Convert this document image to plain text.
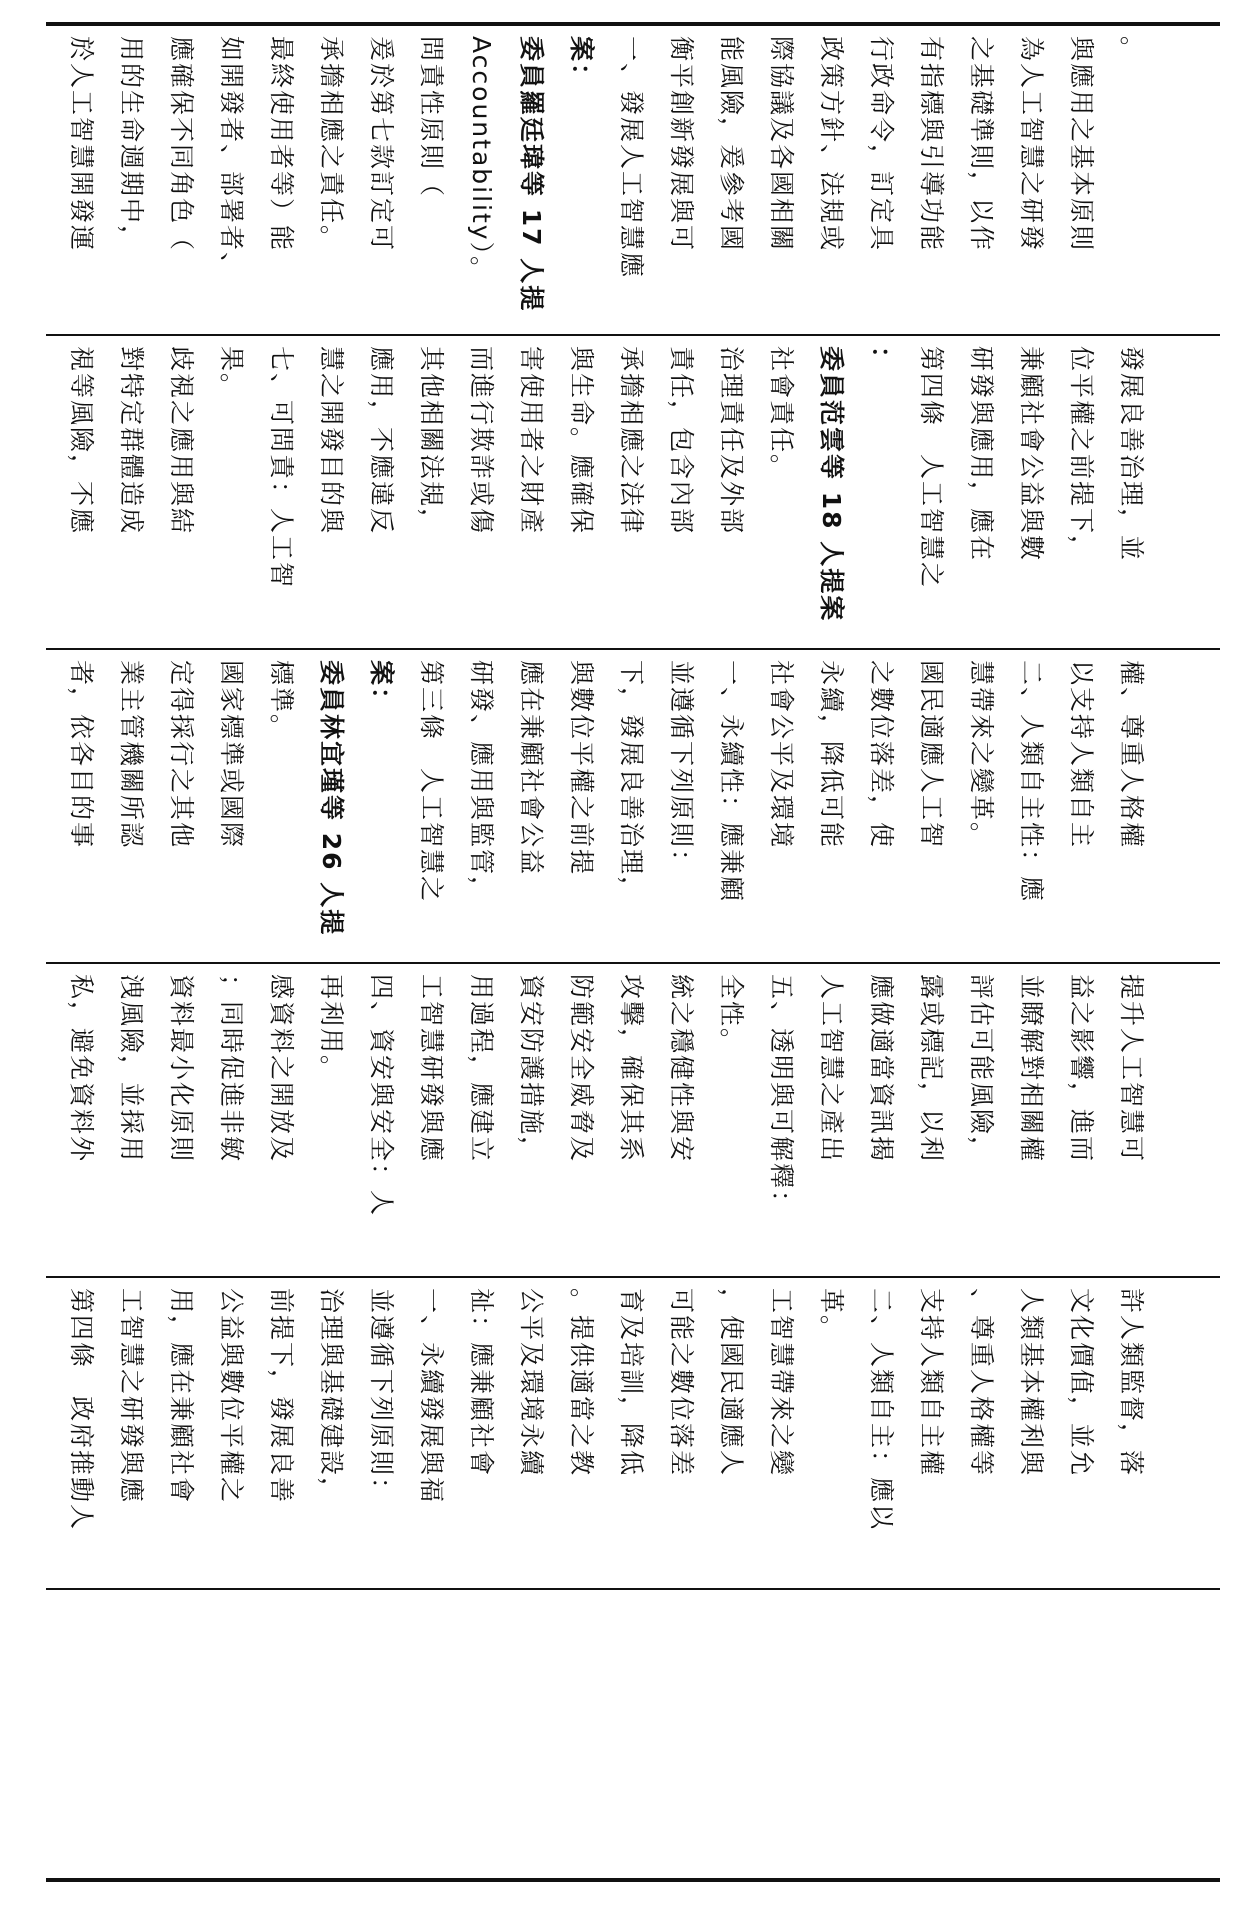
於人工智慧開發運 用的生命週期中， 應確保不同角色（ 如開發者、部署者、 最終使用者等）能 承擔相應之責任。 爰於第七款訂定可 問責性原則（ Accountability）。 委員羅廷瑋等 17 人提 案： 一、發展人工智慧應 衡平創新發展與可 能風險，爰參考國 際協議及各國相關 政策方針、法規或 行政命令，訂定具 有指標與引導功能 之基礎準則，以作 為人工智慧之研發 與應用之基本原則 。
視等風險，不應 對特定群體造成 歧視之應用與結 果。 七、可問責：人工智 慧之開發目的與 應用，不應違反 其他相關法規， 而進行欺詐或傷 害使用者之財產 與生命。應確保 承擔相應之法律 責任，包含內部 治理責任及外部 社會責任。 委員范雲等 18 人提案 ： 第四條　人工智慧之 研發與應用，應在 兼顧社會公益與數 位平權之前提下， 發展良善治理，並
者，依各目的事 業主管機關所認 定得採行之其他 國家標準或國際 標準。 委員林宜瑾等 26 人提 案： 第三條　人工智慧之 研發、應用與監管， 應在兼顧社會公益 與數位平權之前提 下，發展良善治理， 並遵循下列原則： 一、永續性：應兼顧 社會公平及環境 永續，降低可能 之數位落差，使 國民適應人工智 慧帶來之變革。 二、人類自主性：應 以支持人類自主 權、尊重人格權
私，避免資料外 洩風險，並採用 資料最小化原則 ；同時促進非敏 感資料之開放及 再利用。 四、資安與安全：人 工智慧研發與應 用過程，應建立 資安防護措施， 防範安全威脅及 攻擊，確保其系 統之穩健性與安 全性。 五、透明與可解釋： 人工智慧之產出 應做適當資訊揭 露或標記，以利 評估可能風險， 並瞭解對相關權 益之影響，進而 提升人工智慧可
第四條　政府推動人 工智慧之研發與應 用，應在兼顧社會 公益與數位平權之 前提下，發展良善 治理與基礎建設， 並遵循下列原則： 一、永續發展與福 祉：應兼顧社會 公平及環境永續 。提供適當之教 育及培訓，降低 可能之數位落差 ，使國民適應人 工智慧帶來之變 革。 二、人類自主：應以 支持人類自主權 、尊重人格權等 人類基本權利與 文化價值，並允 許人類監督，落
